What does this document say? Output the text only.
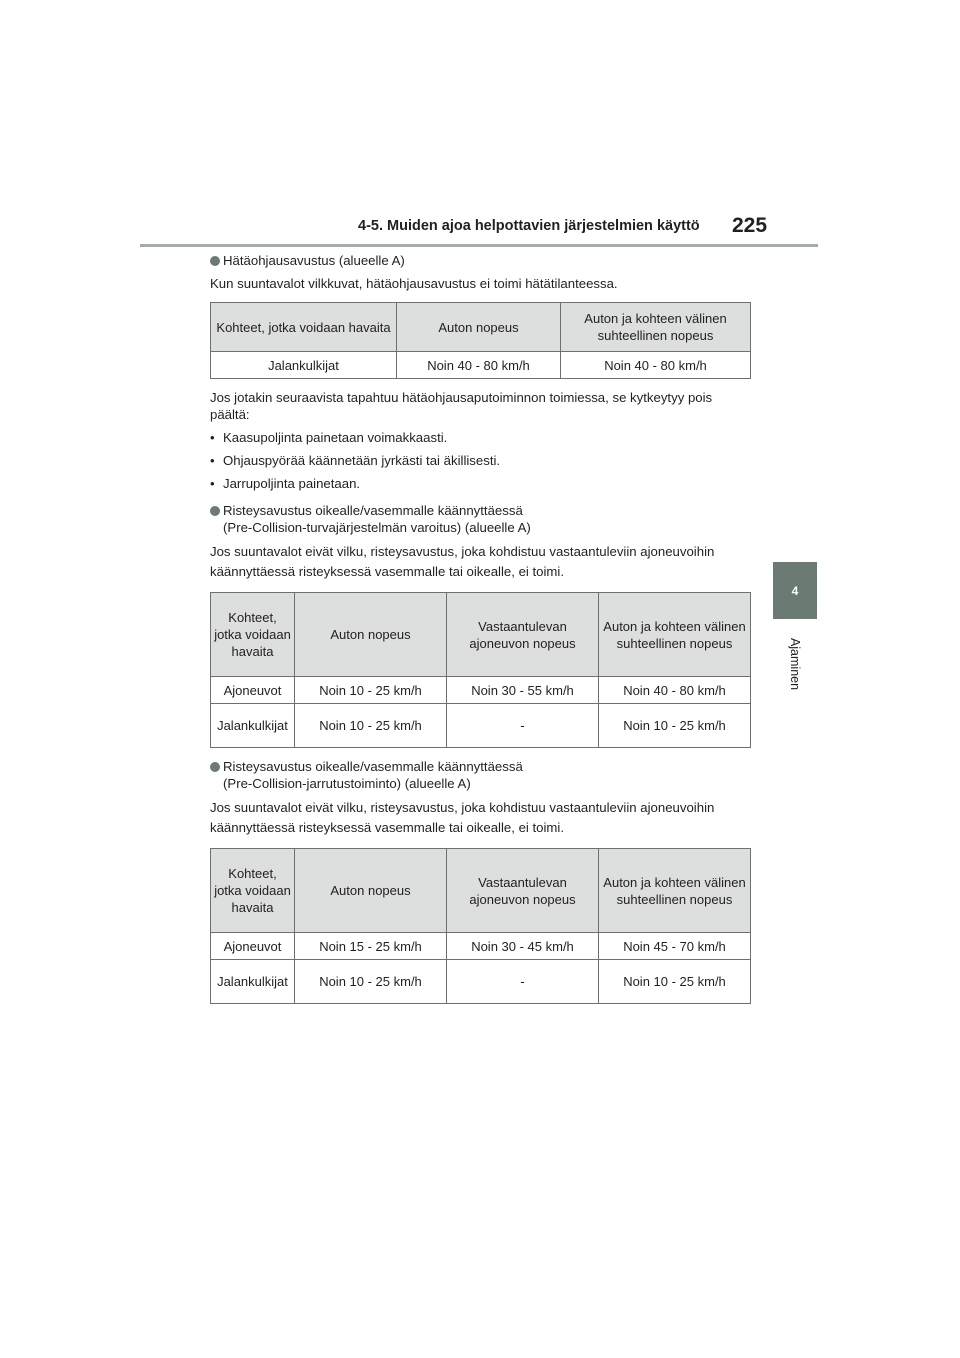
4-5. Muiden ajoa helpottavien järjestelmien käyttö 225
4
Ajaminen
Hätäohjausavustus (alueelle A)

Kun suuntavalot vilkkuvat, hätäohjausavustus ei toimi hätätilanteessa.

Kohteet, jotka voidaan havaita	Auton nopeus	Auton ja kohteen välinen suhteellinen nopeus
Jalankulkijat	Noin 40 - 80 km/h	Noin 40 - 80 km/h

Jos jotakin seuraavista tapahtuu hätäohjausaputoiminnon toimiessa, se kytkeytyy pois päältä:

• Kaasupoljinta painetaan voimakkaasti.
• Ohjauspyörää käännetään jyrkästi tai äkillisesti.
• Jarrupoljinta painetaan.
Risteysavustus oikealle/vasemmalle käännyttäessä
(Pre-Collision-turvajärjestelmän varoitus) (alueelle A)

Jos suuntavalot eivät vilku, risteysavustus, joka kohdistuu vastaantuleviin ajoneuvoihin käännyttäessä risteyksessä vasemmalle tai oikealle, ei toimi.

Kohteet, jotka voidaan havaita	Auton nopeus	Vastaantulevan ajoneuvon nopeus	Auton ja kohteen välinen suhteellinen nopeus
Ajoneuvot	Noin 10 - 25 km/h	Noin 30 - 55 km/h	Noin 40 - 80 km/h
Jalankulkijat	Noin 10 - 25 km/h	-	Noin 10 - 25 km/h
Risteysavustus oikealle/vasemmalle käännyttäessä
(Pre-Collision-jarrutustoiminto) (alueelle A)

Jos suuntavalot eivät vilku, risteysavustus, joka kohdistuu vastaantuleviin ajoneuvoihin käännyttäessä risteyksessä vasemmalle tai oikealle, ei toimi.

Kohteet, jotka voidaan havaita	Auton nopeus	Vastaantulevan ajoneuvon nopeus	Auton ja kohteen välinen suhteellinen nopeus
Ajoneuvot	Noin 15 - 25 km/h	Noin 30 - 45 km/h	Noin 45 - 70 km/h
Jalankulkijat	Noin 10 - 25 km/h	-	Noin 10 - 25 km/h
